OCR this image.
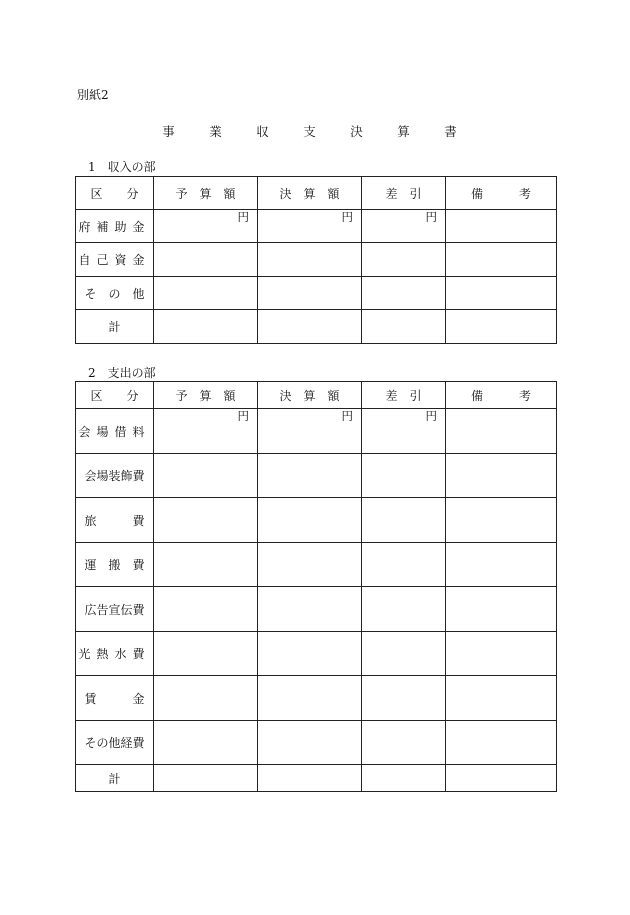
別紙2
事　業　収　支　決　算　書
1　収入の部
区　　分	予　算　額	決　算　額	差　引	備　　　考
府補助金	円	円	円	

自己資金				
そ　の　他				
計				
2　支出の部
区　　分	予　算　額	決　算　額	差　引	備　　　考
会場借料	円	円	円	

会場装飾費				
旅　　　費				
運　搬　費				
広告宣伝費				
光熱水費				
賃　　　金				
その他経費				
計				
